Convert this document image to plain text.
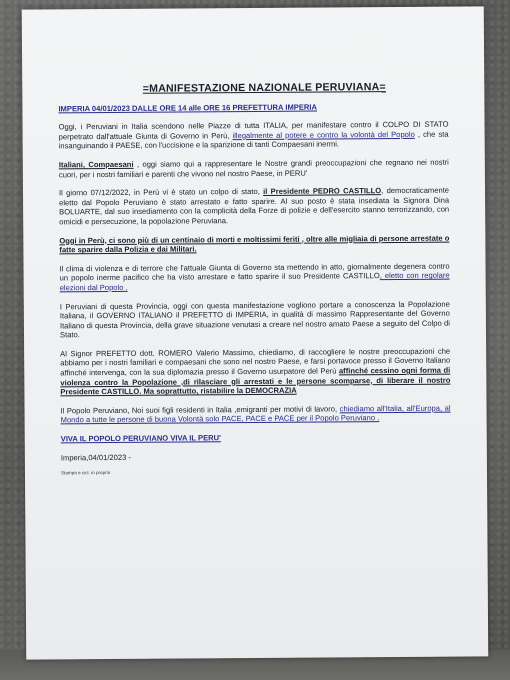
=MANIFESTAZIONE NAZIONALE PERUVIANA=
IMPERIA 04/01/2023 DALLE ORE 14 alle ORE 16 PREFETTURA IMPERIA

Oggi, i Peruviani in Italia scendono nelle Piazze di tutta ITALIA, per manifestare contro il COLPO DI STATO perpetrato dall'attuale Giunta di Governo in Perù, illegalmente al potere e contro la volontà del Popolo , che sta insanguinando il PAESE, con l'uccisione e la sparizione di tanti Compaesani inermi.

Italiani, Compaesani , oggi siamo qui a rappresentare le Nostre grandi preoccupazioni che regnano nei nostri cuori, per i nostri familiari e parenti che vivono nel nostro Paese, in PERU'

Il giorno 07/12/2022, in Perù vi è stato un colpo di stato, il Presidente PEDRO CASTILLO, democraticamente eletto dal Popolo Peruviano è stato arrestato e fatto sparire. Al suo posto è stata insediata la Signora Dina BOLUARTE, dal suo insediamento con la complicità della Forze di polizie e dell'esercito stanno terrorizzando, con omicidi e persecuzione, la popolazione Peruviana.

Oggi in Perù, ci sono più di un centinaio di morti e moltissimi feriti , oltre alle migliaia di persone arrestate o fatte sparire dalla Polizia e dai Militari.

Il clima di violenza e di terrore che l'attuale Giunta di Governo sta mettendo in atto, giornalmente degenera contro un popolo inerme pacifico che ha visto arrestare e fatto sparire il suo Presidente CASTILLO, eletto con regolare elezioni dal Popolo .

I Peruviani di questa Provincia, oggi con questa manifestazione vogliono portare a conoscenza la Popolazione Italiana, il GOVERNO ITALIANO il PREFETTO di IMPERIA, in qualità di massimo Rappresentante del Governo Italiano di questa Provincia, della grave situazione venutasi a creare nel nostro amato Paese a seguito del Colpo di Stato.

Al Signor PREFETTO dott. ROMERO Valerio Massimo, chiediamo, di raccogliere le nostre preoccupazioni che abbiamo per i nostri familiari e compaesani che sono nel nostro Paese, e farsi portavoce presso il Governo Italiano affinché intervenga, con la sua diplomazia presso il Governo usurpatore del Perù affinché cessino ogni forma di violenza contro la Popolazione ,di rilasciare gli arrestati e le persone scomparse, di liberare il nostro Presidente CASTILLO. Ma soprattutto, ristabilire la DEMOCRAZIA

Il Popolo Peruviano, Noi suoi figli residenti in Italia ,emigranti per motivi di lavoro, chiediamo all'Italia, all'Europa, al Mondo a tutte le persone di buona Volontà solo PACE, PACE e PACE per il Popolo Peruviano .

VIVA IL POPOLO PERUVIANO VIVA IL PERU'
Imperia,04/01/2023 -
Stampa e cicl. in proprio
